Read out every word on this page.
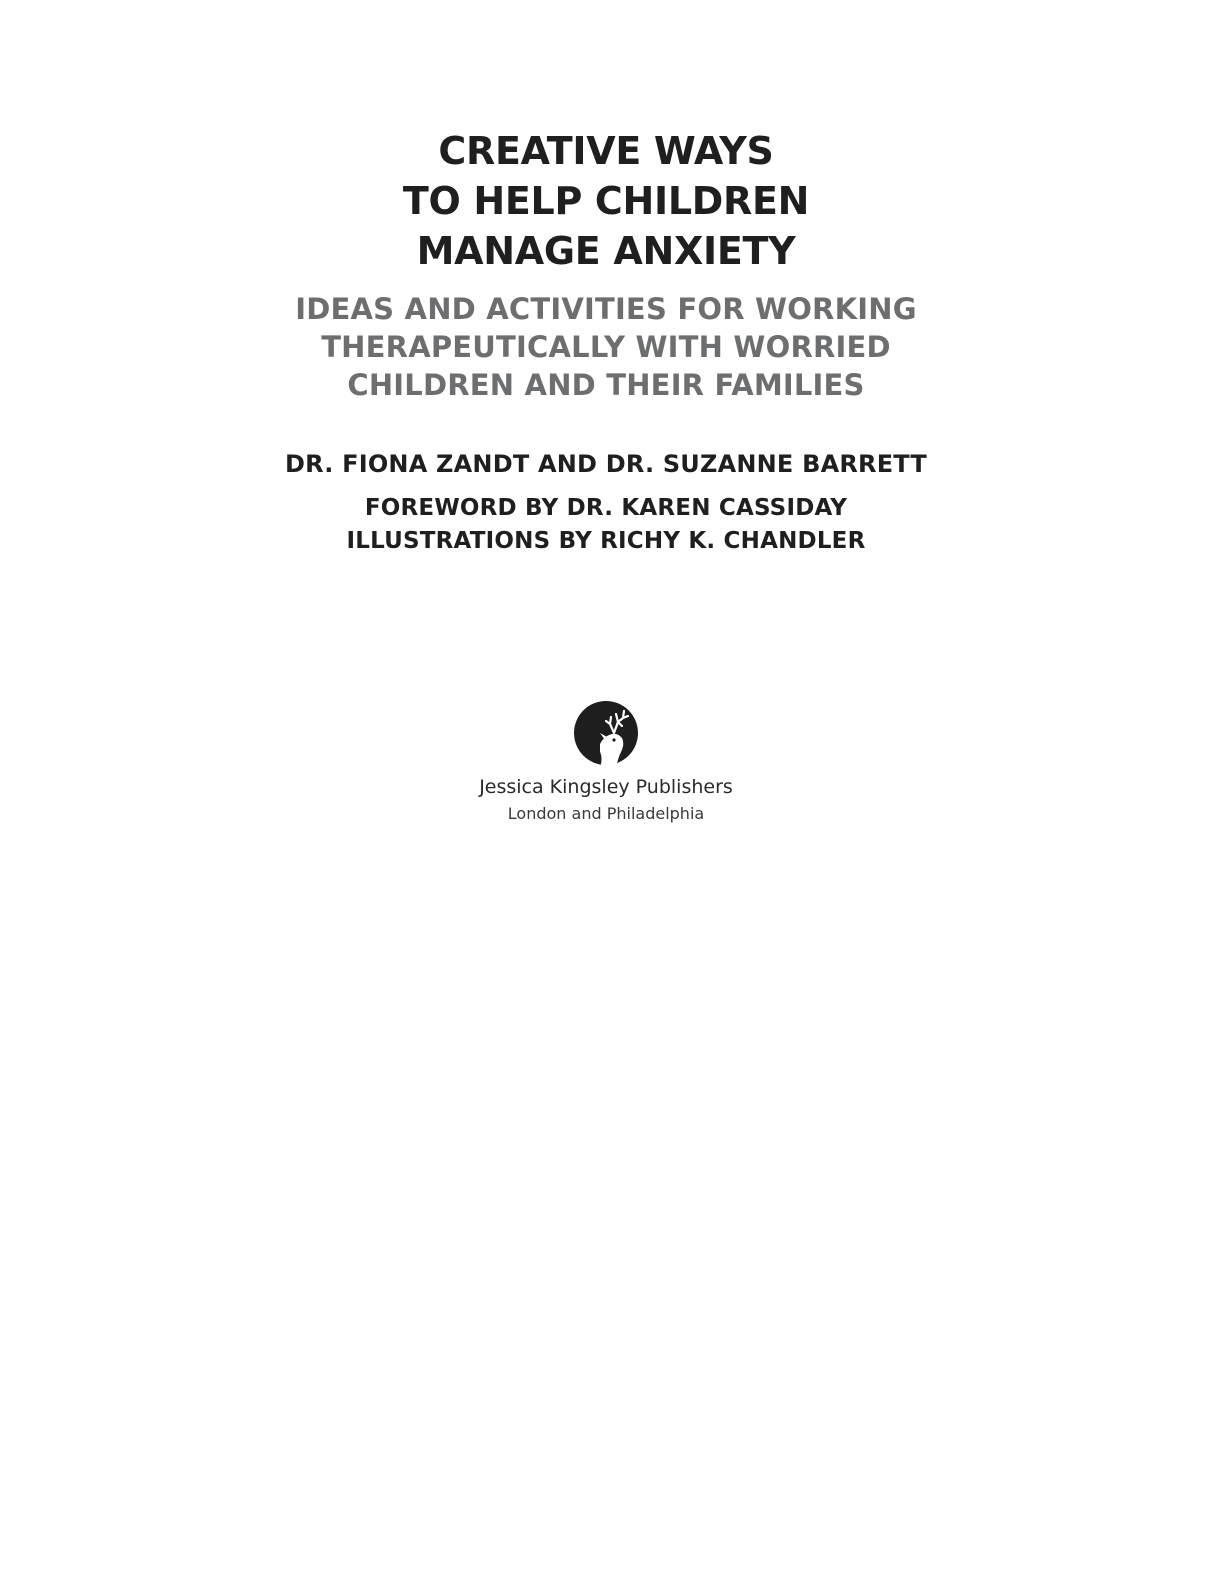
CREATIVE WAYS
TO HELP CHILDREN
MANAGE ANXIETY
IDEAS AND ACTIVITIES FOR WORKING
THERAPEUTICALLY WITH WORRIED
CHILDREN AND THEIR FAMILIES

DR. FIONA ZANDT AND DR. SUZANNE BARRETT

FOREWORD BY DR. KAREN CASSIDAY
ILLUSTRATIONS BY RICHY K. CHANDLER

Jessica Kingsley Publishers

London and Philadelphia
